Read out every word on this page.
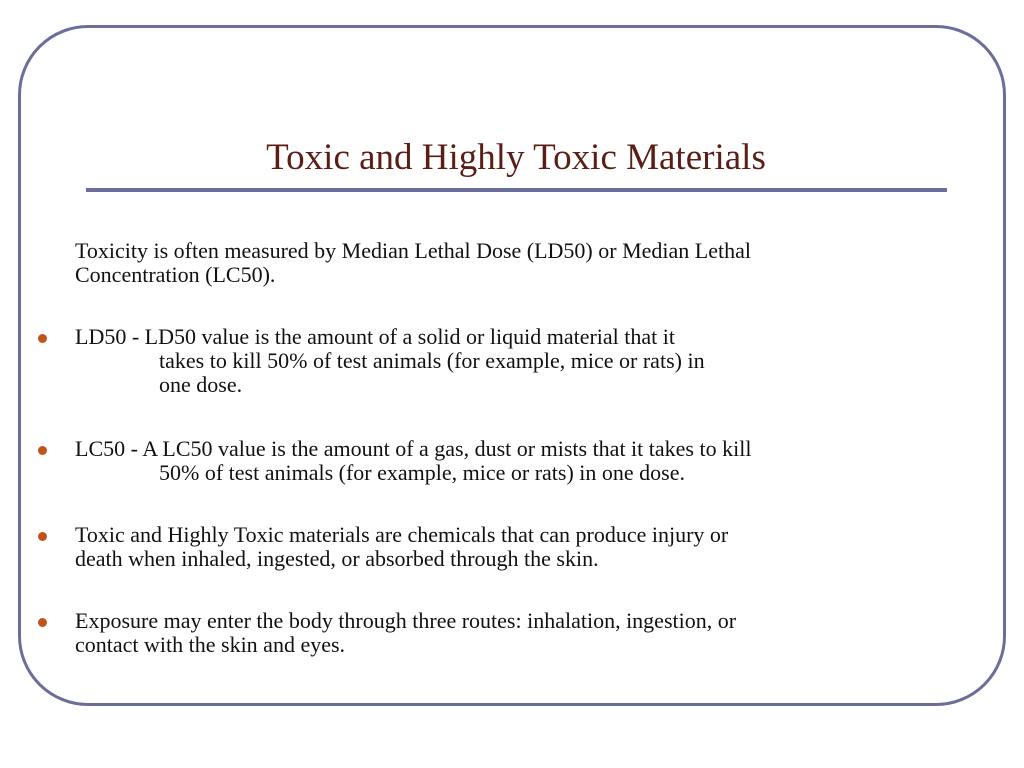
Toxic and Highly Toxic Materials
Toxicity is often measured by Median Lethal Dose (LD50) or Median Lethal
Concentration (LC50).
LD50 - LD50 value is the amount of a solid or liquid material that it
takes to kill 50% of test animals (for example, mice or rats) in
one dose.
LC50 - A LC50 value is the amount of a gas, dust or mists that it takes to kill
50% of test animals (for example, mice or rats) in one dose.
Toxic and Highly Toxic materials are chemicals that can produce injury or
death when inhaled, ingested, or absorbed through the skin.
Exposure may enter the body through three routes: inhalation, ingestion, or
contact with the skin and eyes.
